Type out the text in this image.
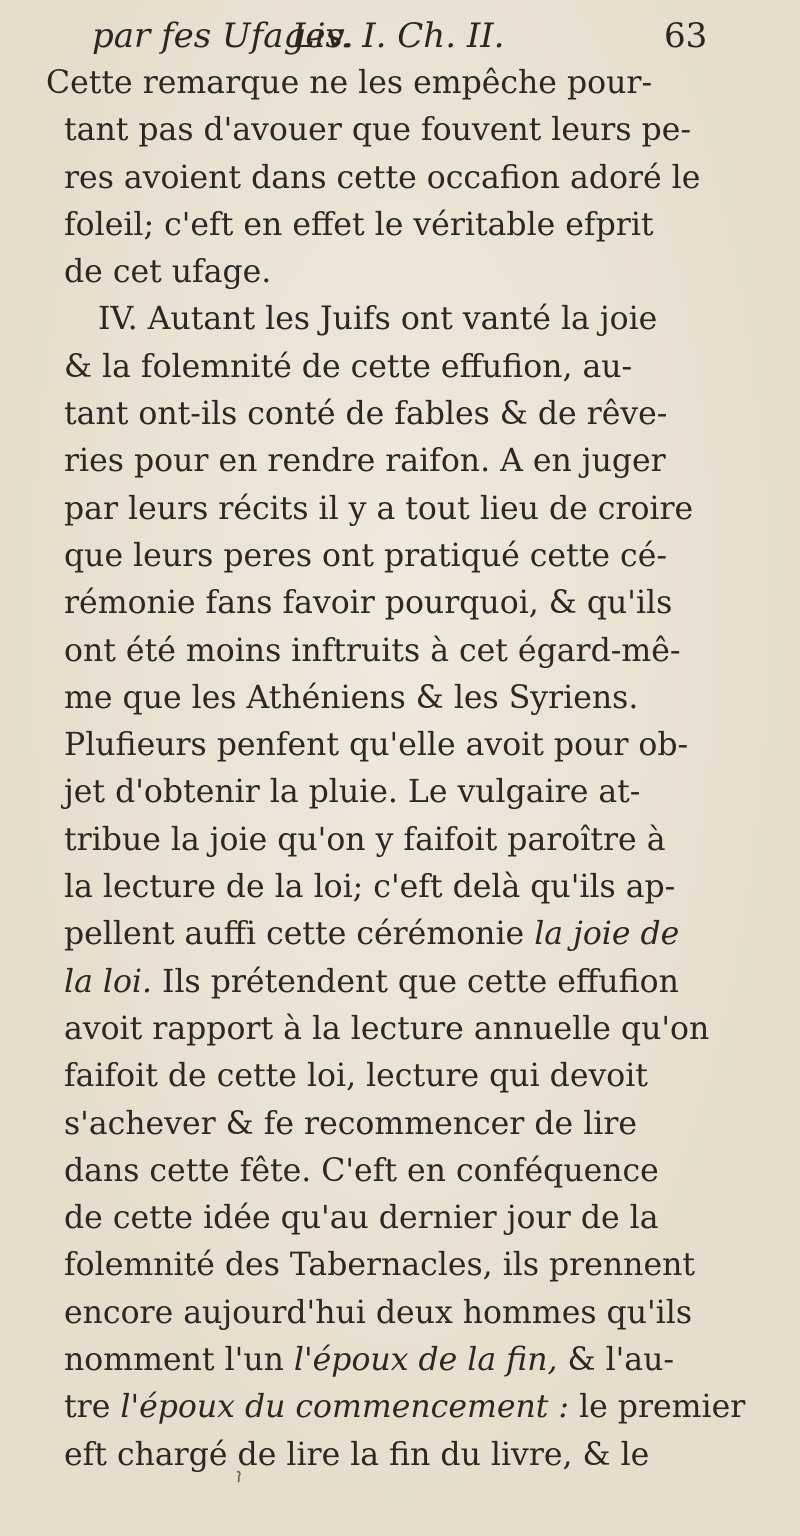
par fes Ufages.
Liv. I. Ch. II.	63
Cette remarque ne les empêche pour-
tant pas d'avouer que fouvent leurs pe-
res avoient dans cette occafion adoré le
foleil; c'eft en effet le véritable efprit
de cet ufage.
IV. Autant les Juifs ont vanté la joie
& la folemnité de cette effufion, au-
tant ont-ils conté de fables & de rêve-
ries pour en rendre raifon. A en juger
par leurs récits il y a tout lieu de croire
que leurs peres ont pratiqué cette cé-
rémonie fans favoir pourquoi, & qu'ils
ont été moins inftruits à cet égard-mê-
me que les Athéniens & les Syriens.
Plufieurs penfent qu'elle avoit pour ob-
jet d'obtenir la pluie. Le vulgaire at-
tribue la joie qu'on y faifoit paroître à
la lecture de la loi; c'eft delà qu'ils ap-
pellent auffi cette cérémonie la joie de
la loi. Ils prétendent que cette effufion
avoit rapport à la lecture annuelle qu'on
faifoit de cette loi, lecture qui devoit
s'achever & fe recommencer de lire
dans cette fête. C'eft en conféquence
de cette idée qu'au dernier jour de la
folemnité des Tabernacles, ils prennent
encore aujourd'hui deux hommes qu'ils
nomment l'un l'époux de la fin, & l'au-
tre l'époux du commencement : le premier
eft chargé de lire la fin du livre, & le
